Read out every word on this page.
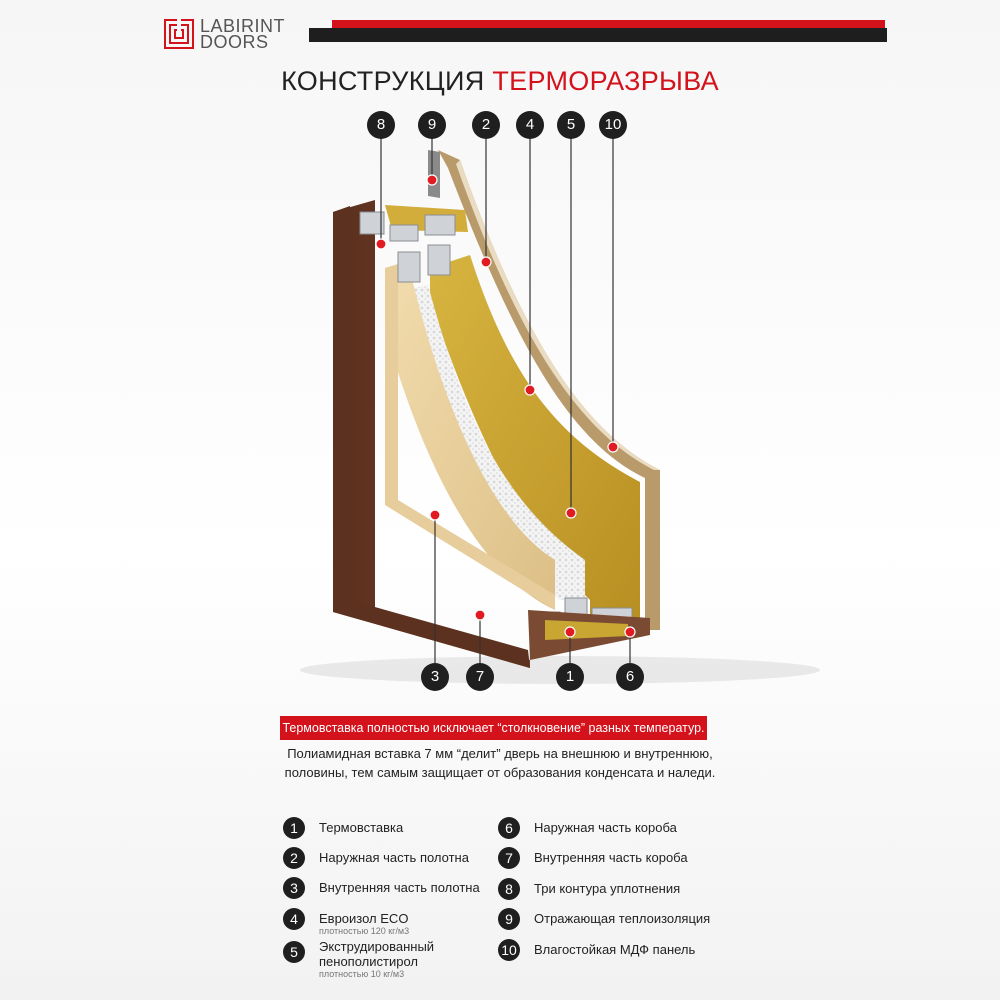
LABIRINT
DOORS
КОНСТРУКЦИЯ ТЕРМОРАЗРЫВА
8	9	2	4	5	10
3	7	1	6
Термовставка полностью исключает “столкновение” разных температур.
Полиамидная вставка 7 мм “делит” дверь на внешнюю и внутреннюю,
половины, тем самым защищает от образования конденсата и наледи.
1	Термовставка
2	Наружная часть полотна
3	Внутренняя часть полотна
4	Еврoизол ECO
плотностью 120 кг/м3
5	Экструдированный пенополистирол
плотностью 10 кг/м3
6	Наружная часть короба
7	Внутренняя часть короба
8	Три контура уплотнения
9	Отражающая теплоизоляция
10 Влагостойкая МДФ панель
